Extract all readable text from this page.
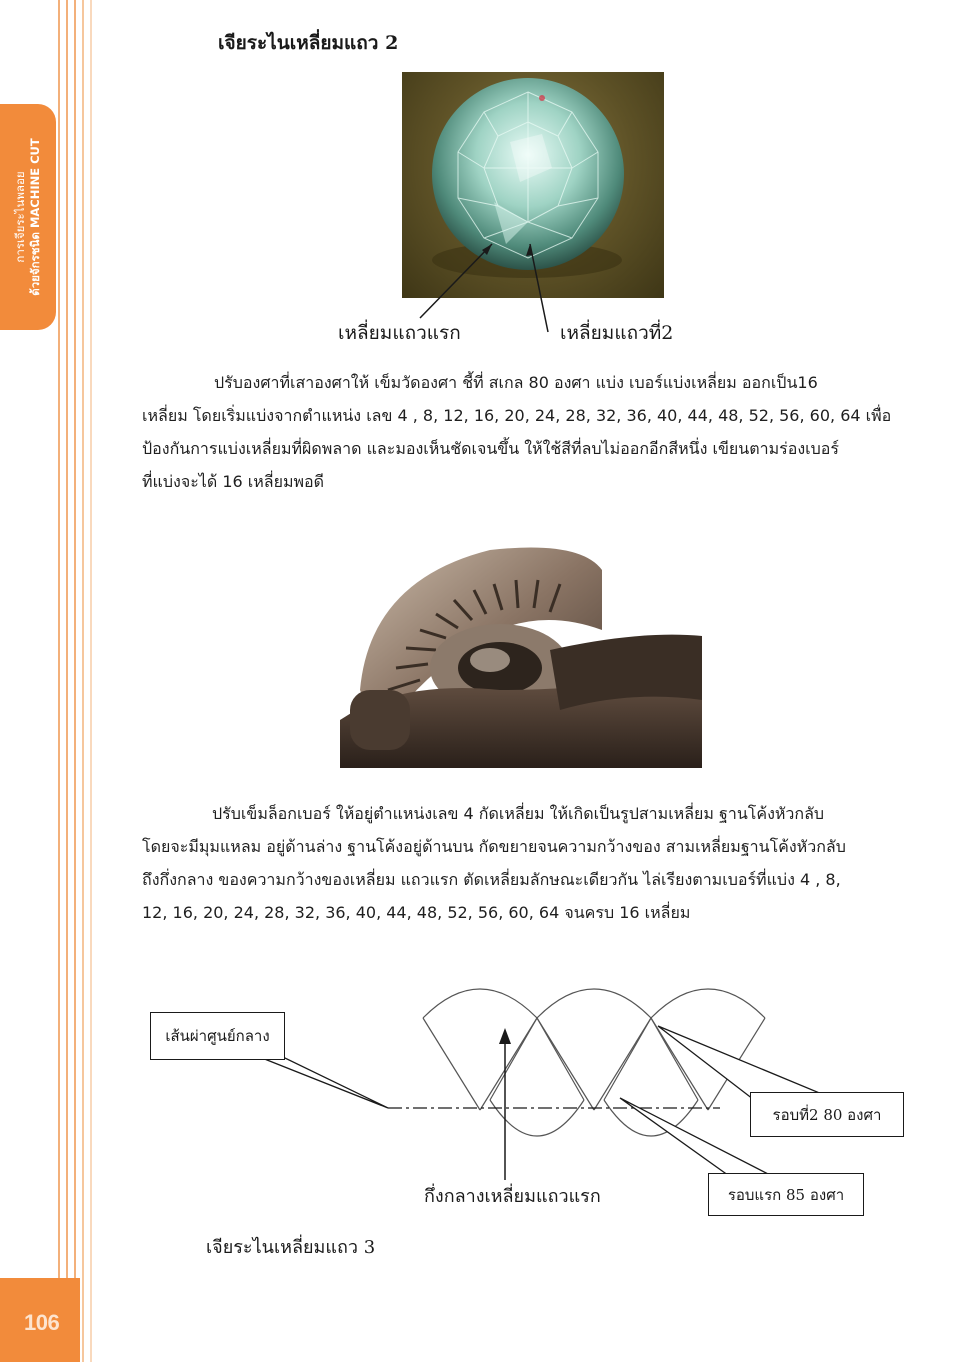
การเจียระไนพลอย ด้วยจักรชนิด MACHINE CUT
106
เจียระไนเหลี่ยมแถว 2
เหลี่ยมแถวแรก	เหลี่ยมแถวที่2
ปรับองศาที่เสาองศาให้ เข็มวัดองศา ชี้ที่ สเกล 80 องศา แบ่ง เบอร์แบ่งเหลี่ยม ออกเป็น16
เหลี่ยม โดยเริ่มแบ่งจากตำแหน่ง เลข 4 , 8, 12, 16, 20, 24, 28, 32, 36, 40, 44, 48, 52, 56, 60, 64 เพื่อ
ป้องกันการแบ่งเหลี่ยมที่ผิดพลาด และมองเห็นชัดเจนขึ้น ให้ใช้สีที่ลบไม่ออกอีกสีหนึ่ง เขียนตามร่องเบอร์
ที่แบ่งจะได้ 16 เหลี่ยมพอดี
ปรับเข็มล็อกเบอร์ ให้อยู่ตำแหน่งเลข 4 กัดเหลี่ยม ให้เกิดเป็นรูปสามเหลี่ยม ฐานโค้งหัวกลับ
โดยจะมีมุมแหลม อยู่ด้านล่าง ฐานโค้งอยู่ด้านบน กัดขยายจนความกว้างของ สามเหลี่ยมฐานโค้งหัวกลับ
ถึงกึ่งกลาง ของความกว้างของเหลี่ยม แถวแรก ตัดเหลี่ยมลักษณะเดียวกัน ไล่เรียงตามเบอร์ที่แบ่ง 4 , 8,
12, 16, 20, 24, 28, 32, 36, 40, 44, 48, 52, 56, 60, 64 จนครบ 16 เหลี่ยม
เส้นผ่าศูนย์กลาง
รอบที่2 80 องศา
รอบแรก 85 องศา
กึ่งกลางเหลี่ยมแถวแรก
เจียระไนเหลี่ยมแถว 3
